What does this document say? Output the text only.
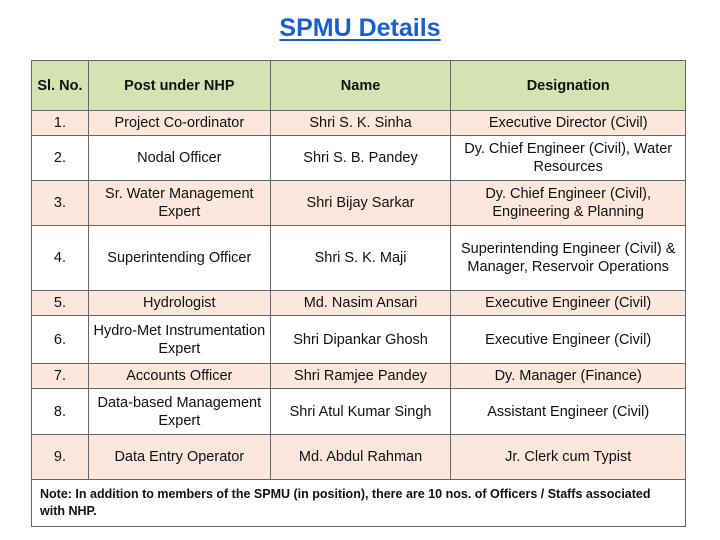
SPMU Details
Sl. No.	Post under NHP	Name	Designation
1.	Project Co-ordinator	Shri S. K. Sinha	Executive Director (Civil)
2.	Nodal Officer	Shri S. B. Pandey	Dy. Chief Engineer (Civil), Water Resources
3.	Sr. Water Management Expert	Shri Bijay Sarkar	Dy. Chief Engineer (Civil), Engineering & Planning
4.	Superintending Officer	Shri S. K. Maji	Superintending Engineer (Civil) & Manager, Reservoir Operations
5.	Hydrologist	Md. Nasim Ansari	Executive Engineer (Civil)
6.	Hydro-Met Instrumentation Expert	Shri Dipankar Ghosh	Executive Engineer (Civil)
7.	Accounts Officer	Shri Ramjee Pandey	Dy. Manager (Finance)
8.	Data-based Management Expert	Shri Atul Kumar Singh	Assistant Engineer (Civil)
9.	Data Entry Operator	Md. Abdul Rahman	Jr. Clerk cum Typist
Note: In addition to members of the SPMU (in position), there are 10 nos. of Officers / Staffs associated with NHP.			
